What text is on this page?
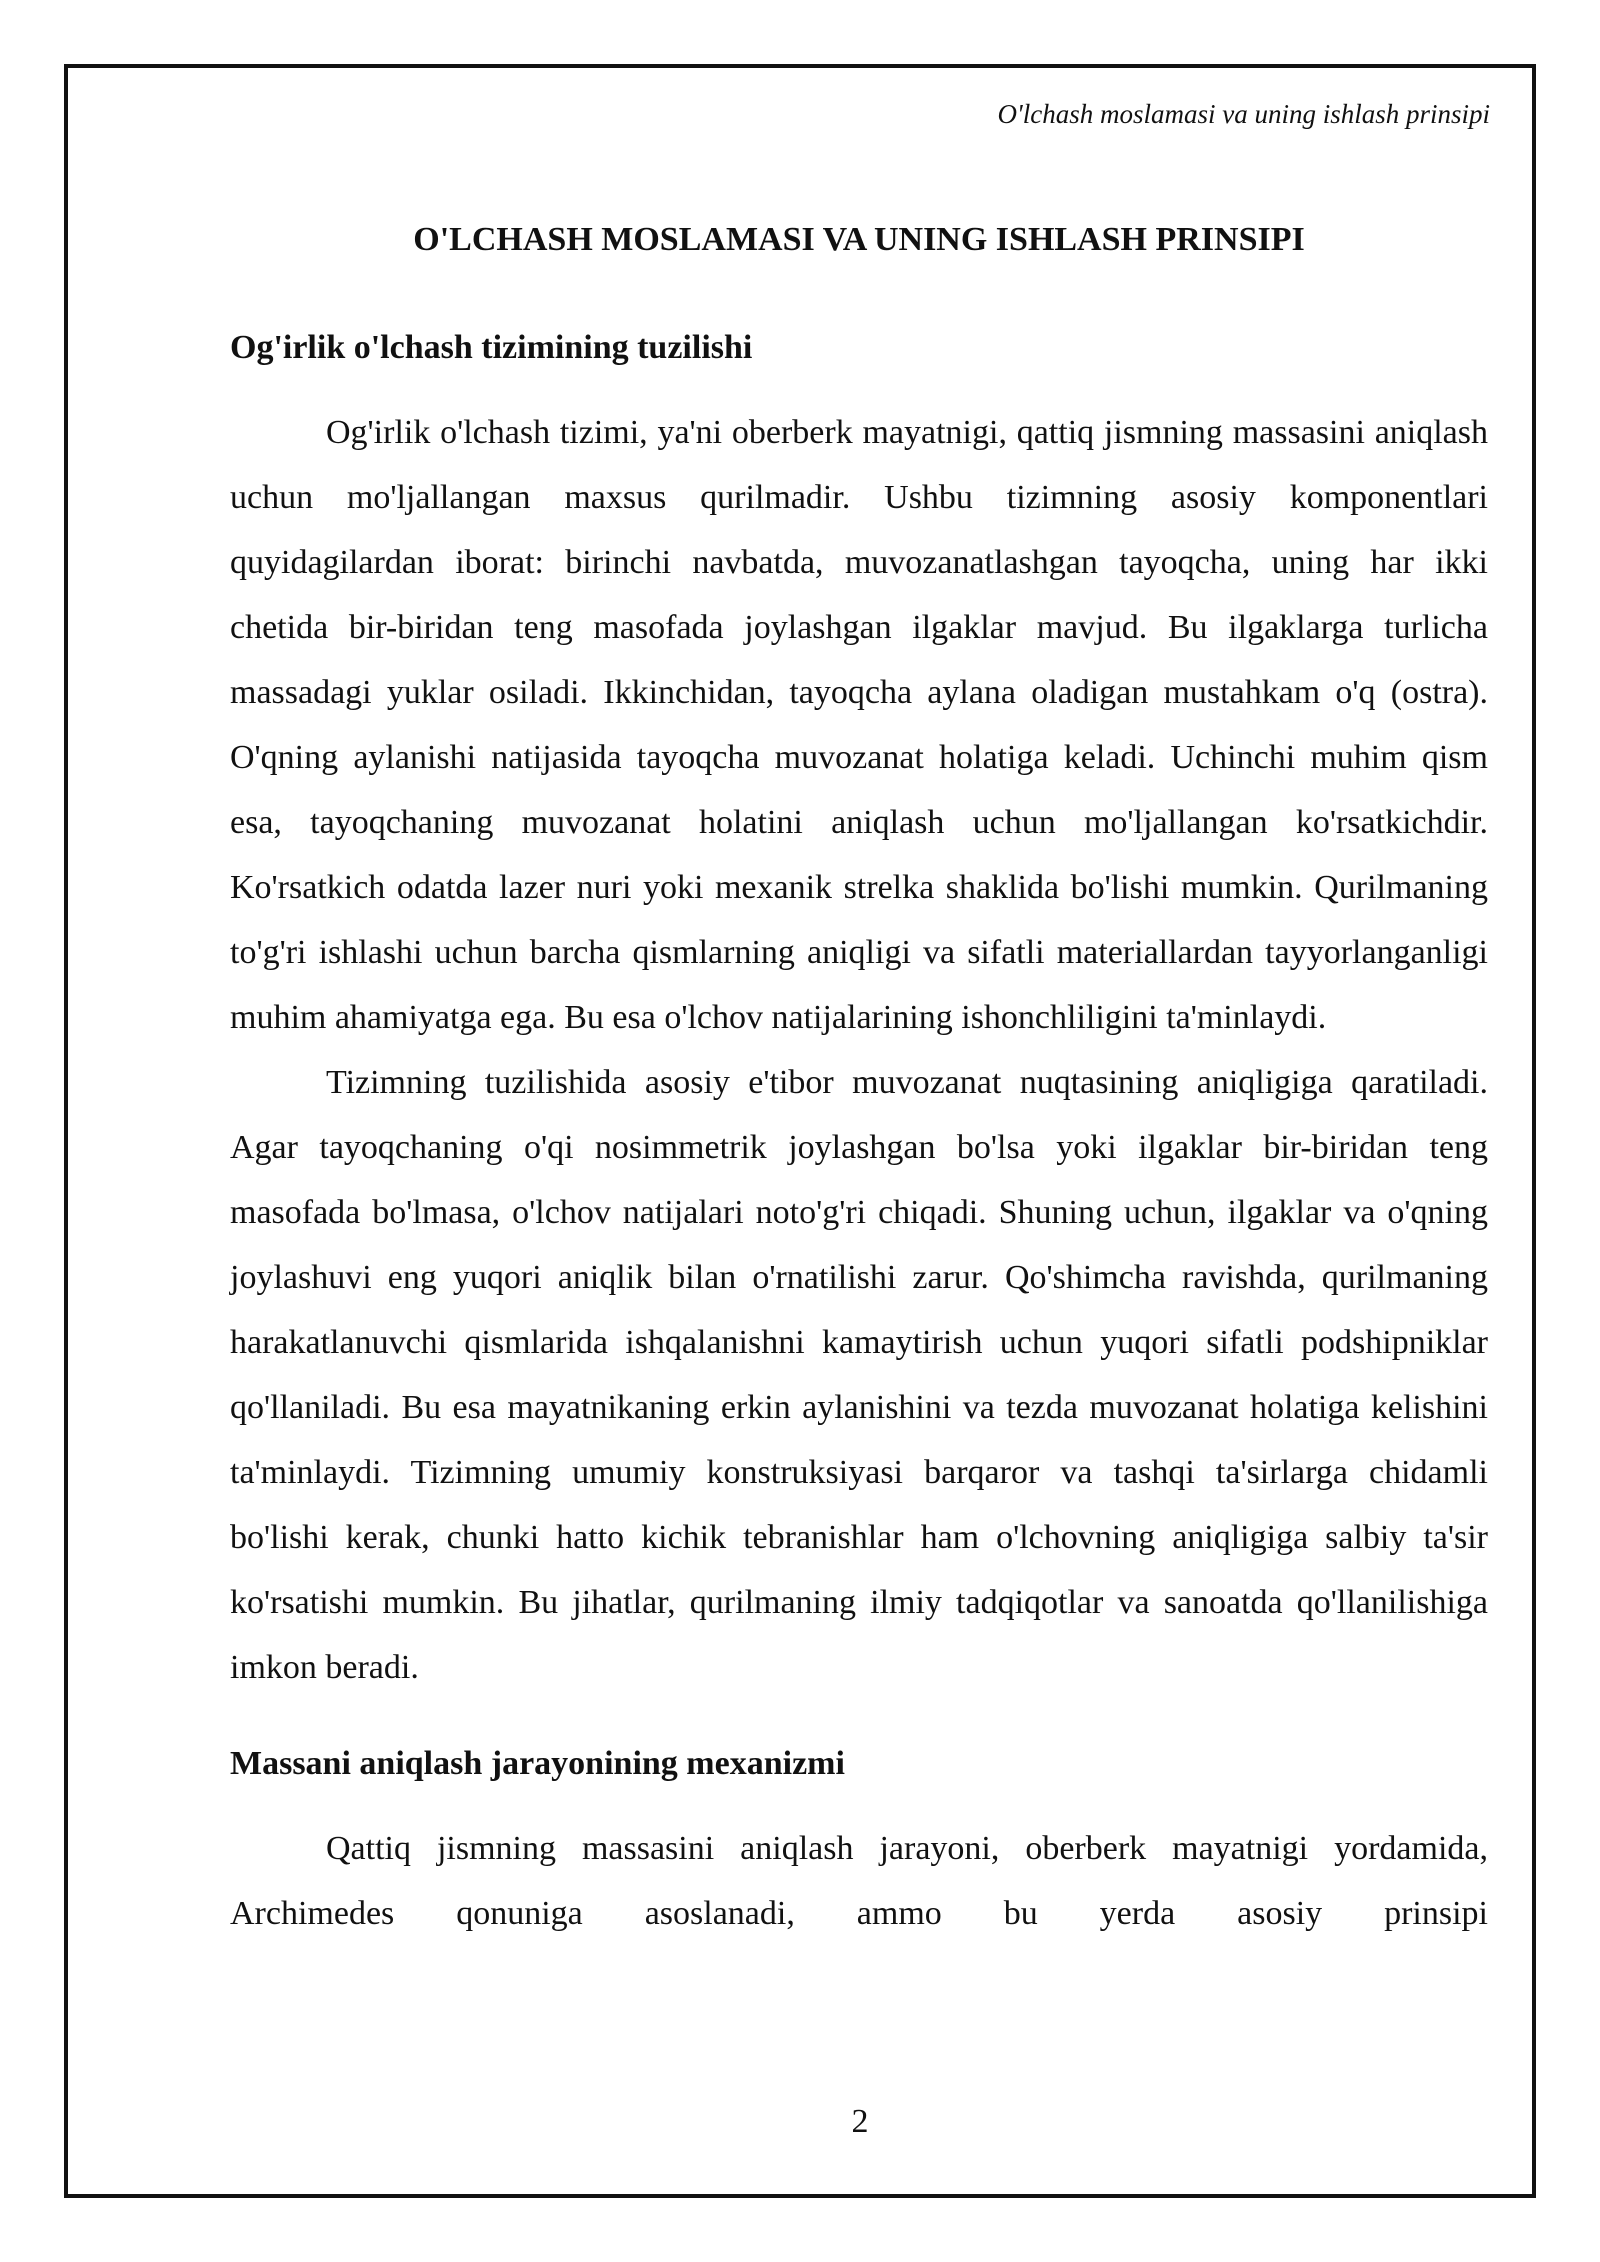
O'lchash moslamasi va uning ishlash prinsipi
O'LCHASH MOSLAMASI VA UNING ISHLASH PRINSIPI
Og'irlik o'lchash tizimining tuzilishi

Og'irlik o'lchash tizimi, ya'ni oberberk mayatnigi, qattiq jismning massasini aniqlash uchun mo'ljallangan maxsus qurilmadir. Ushbu tizimning asosiy komponentlari quyidagilardan iborat: birinchi navbatda, muvozanatlashgan tayoqcha, uning har ikki chetida bir-biridan teng masofada joylashgan ilgaklar mavjud. Bu ilgaklarga turlicha massadagi yuklar osiladi. Ikkinchidan, tayoqcha aylana oladigan mustahkam o'q (ostra). O'qning aylanishi natijasida tayoqcha muvozanat holatiga keladi. Uchinchi muhim qism esa, tayoqchaning muvozanat holatini aniqlash uchun mo'ljallangan ko'rsatkichdir. Ko'rsatkich odatda lazer nuri yoki mexanik strelka shaklida bo'lishi mumkin. Qurilmaning to'g'ri ishlashi uchun barcha qismlarning aniqligi va sifatli materiallardan tayyorlanganligi muhim ahamiyatga ega. Bu esa o'lchov natijalarining ishonchliligini ta'minlaydi.

Tizimning tuzilishida asosiy e'tibor muvozanat nuqtasining aniqligiga qaratiladi. Agar tayoqchaning o'qi nosimmetrik joylashgan bo'lsa yoki ilgaklar bir-biridan teng masofada bo'lmasa, o'lchov natijalari noto'g'ri chiqadi. Shuning uchun, ilgaklar va o'qning joylashuvi eng yuqori aniqlik bilan o'rnatilishi zarur. Qo'shimcha ravishda, qurilmaning harakatlanuvchi qismlarida ishqalanishni kamaytirish uchun yuqori sifatli podshipniklar qo'llaniladi. Bu esa mayatnikaning erkin aylanishini va tezda muvozanat holatiga kelishini ta'minlaydi. Tizimning umumiy konstruksiyasi barqaror va tashqi ta'sirlarga chidamli bo'lishi kerak, chunki hatto kichik tebranishlar ham o'lchovning aniqligiga salbiy ta'sir ko'rsatishi mumkin. Bu jihatlar, qurilmaning ilmiy tadqiqotlar va sanoatda qo'llanilishiga imkon beradi.

Massani aniqlash jarayonining mexanizmi

Qattiq jismning massasini aniqlash jarayoni, oberberk mayatnigi yordamida, Archimedes qonuniga asoslanadi, ammo bu yerda asosiy prinsipi

2
